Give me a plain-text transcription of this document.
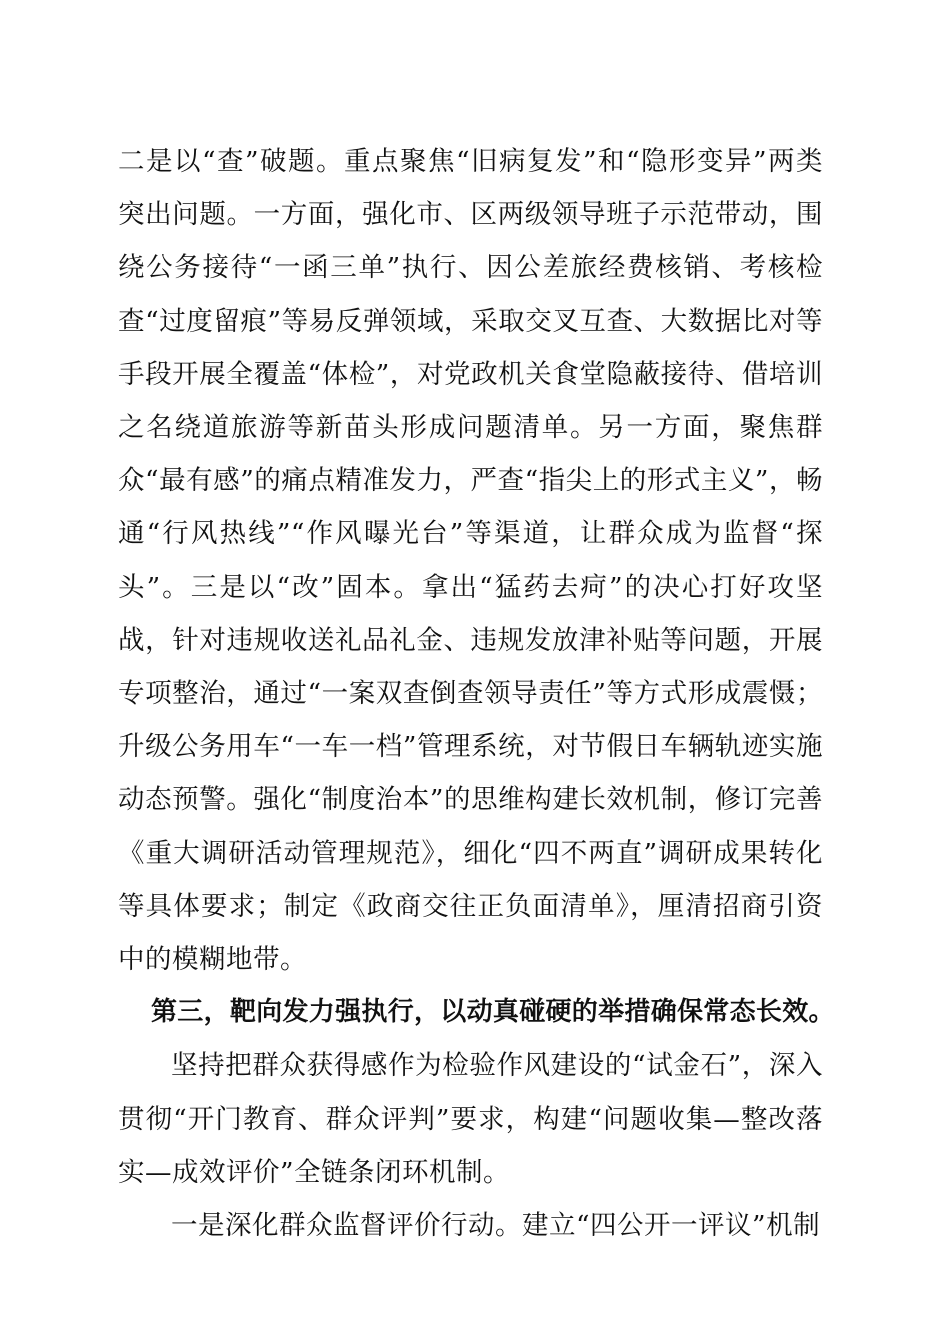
二是以“查”破题。重点聚焦“旧病复发”和“隐形变异”两类突出问题。一方面，强化市、区两级领导班子示范带动，围绕公务接待“一函三单”执行、因公差旅经费核销、考核检查“过度留痕”等易反弹领域，采取交叉互查、大数据比对等手段开展全覆盖“体检”，对党政机关食堂隐蔽接待、借培训之名绕道旅游等新苗头形成问题清单。另一方面，聚焦群众“最有感”的痛点精准发力，严查“指尖上的形式主义”，畅通“行风热线”“作风曝光台”等渠道，让群众成为监督“探头”。三是以“改”固本。拿出“猛药去疴”的决心打好攻坚战，针对违规收送礼品礼金、违规发放津补贴等问题，开展专项整治，通过“一案双查倒查领导责任”等方式形成震慑；升级公务用车“一车一档”管理系统，对节假日车辆轨迹实施动态预警。强化“制度治本”的思维构建长效机制，修订完善《重大调研活动管理规范》，细化“四不两直”调研成果转化等具体要求；制定《政商交往正负面清单》，厘清招商引资中的模糊地带。

第三，靶向发力强执行，以动真碰硬的举措确保常态长效。

坚持把群众获得感作为检验作风建设的“试金石”，深入贯彻“开门教育、群众评判”要求，构建“问题收集—整改落实—成效评价”全链条闭环机制。

一是深化群众监督评价行动。建立“四公开一评议”机制
